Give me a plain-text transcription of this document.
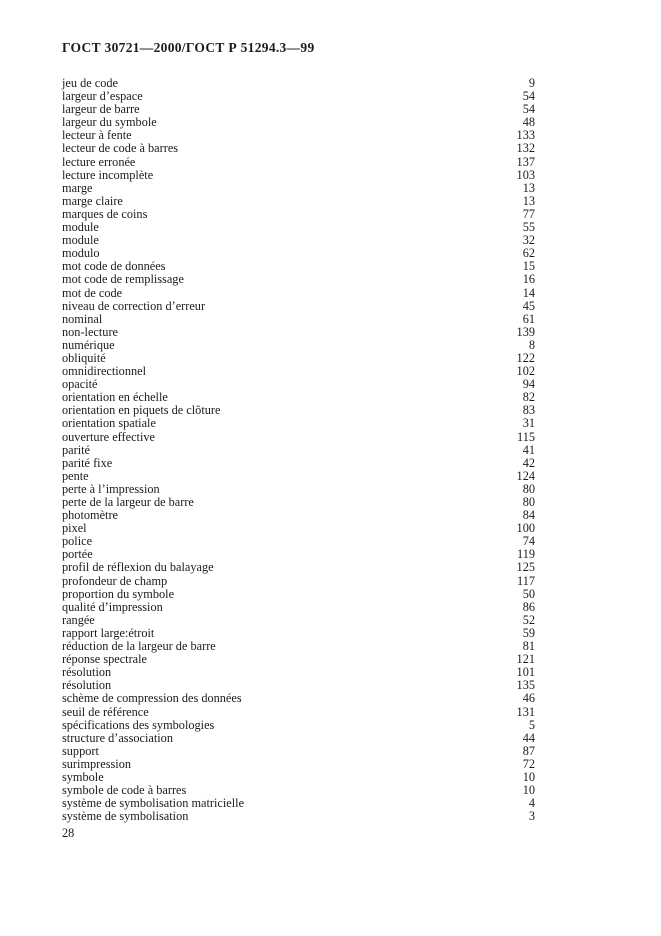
ГОСТ 30721—2000/ГОСТ Р 51294.3—99
jeu de code	9
largeur d’espace	54
largeur de barre	54
largeur du symbole	48
lecteur à fente	133
lecteur de code à barres	132
lecture erronée	137
lecture incomplète	103
marge	13
marge claire	13
marques de coins	77
module	55
module	32
modulo	62
mot code de données	15
mot code de remplissage	16
mot de code	14
niveau de correction d’erreur	45
nominal	61
non-lecture	139
numérique	8
obliquité	122
omnidirectionnel	102
opacité	94
orientation en échelle	82
orientation en piquets de clôture	83
orientation spatiale	31
ouverture effective	115
parité	41
parité fixe	42
pente	124
perte à l’impression	80
perte de la largeur de barre	80
photomètre	84
pixel	100
police	74
portée	119
profil de réflexion du balayage	125
profondeur de champ	117
proportion du symbole	50
qualité d’impression	86
rangée	52
rapport large:étroit	59
réduction de la largeur de barre	81
réponse spectrale	121
résolution	101
résolution	135
schème de compression des données	46
seuil de référence	131
spécifications des symbologies	5
structure d’association	44
support	87
surimpression	72
symbole	10
symbole de code à barres	10
système de symbolisation matricielle	4
système de symbolisation	3
28
